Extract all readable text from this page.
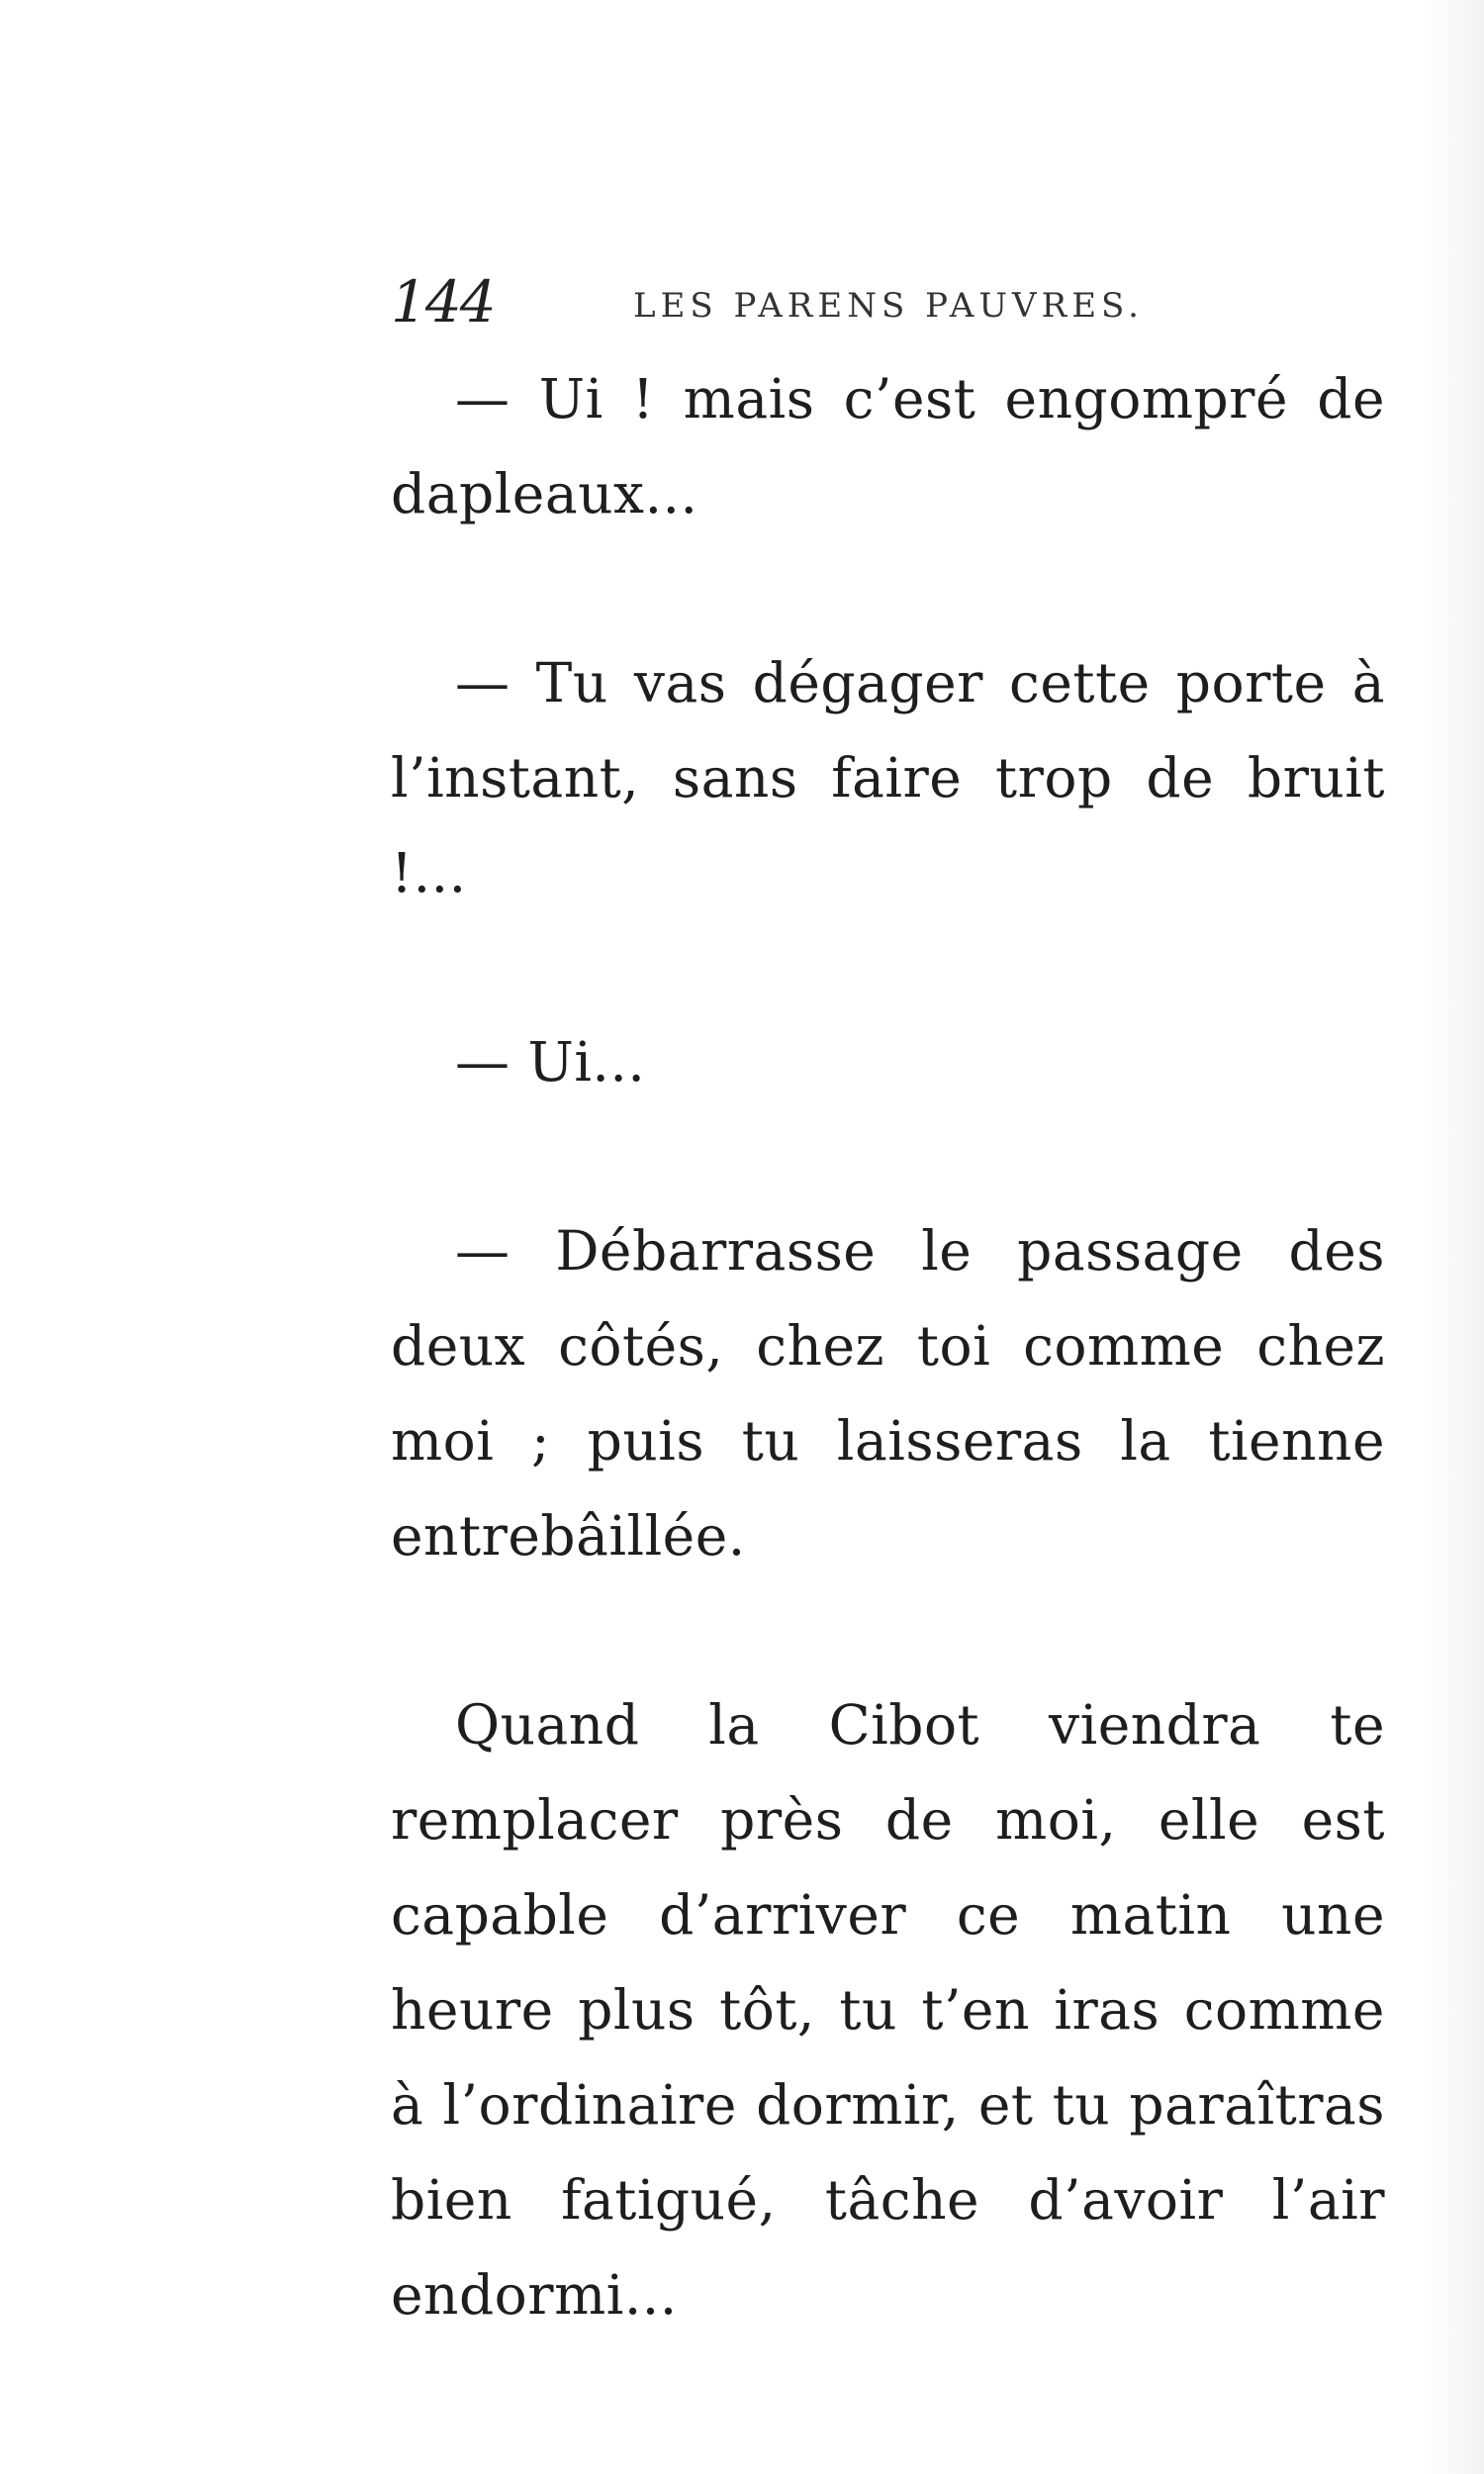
144	LES PARENS PAUVRES.

— Ui ! mais c’est engompré de dapleaux...

— Tu vas dégager cette porte à l’instant, sans faire trop de bruit !...

— Ui...

— Débarrasse le passage des deux côtés, chez toi comme chez moi ; puis tu laisseras la tienne entrebâillée.

Quand la Cibot viendra te remplacer près de moi, elle est capable d’arriver ce matin une heure plus tôt, tu t’en iras comme à l’ordinaire dormir, et tu paraîtras bien fatigué, tâche d’avoir l’air endormi...
